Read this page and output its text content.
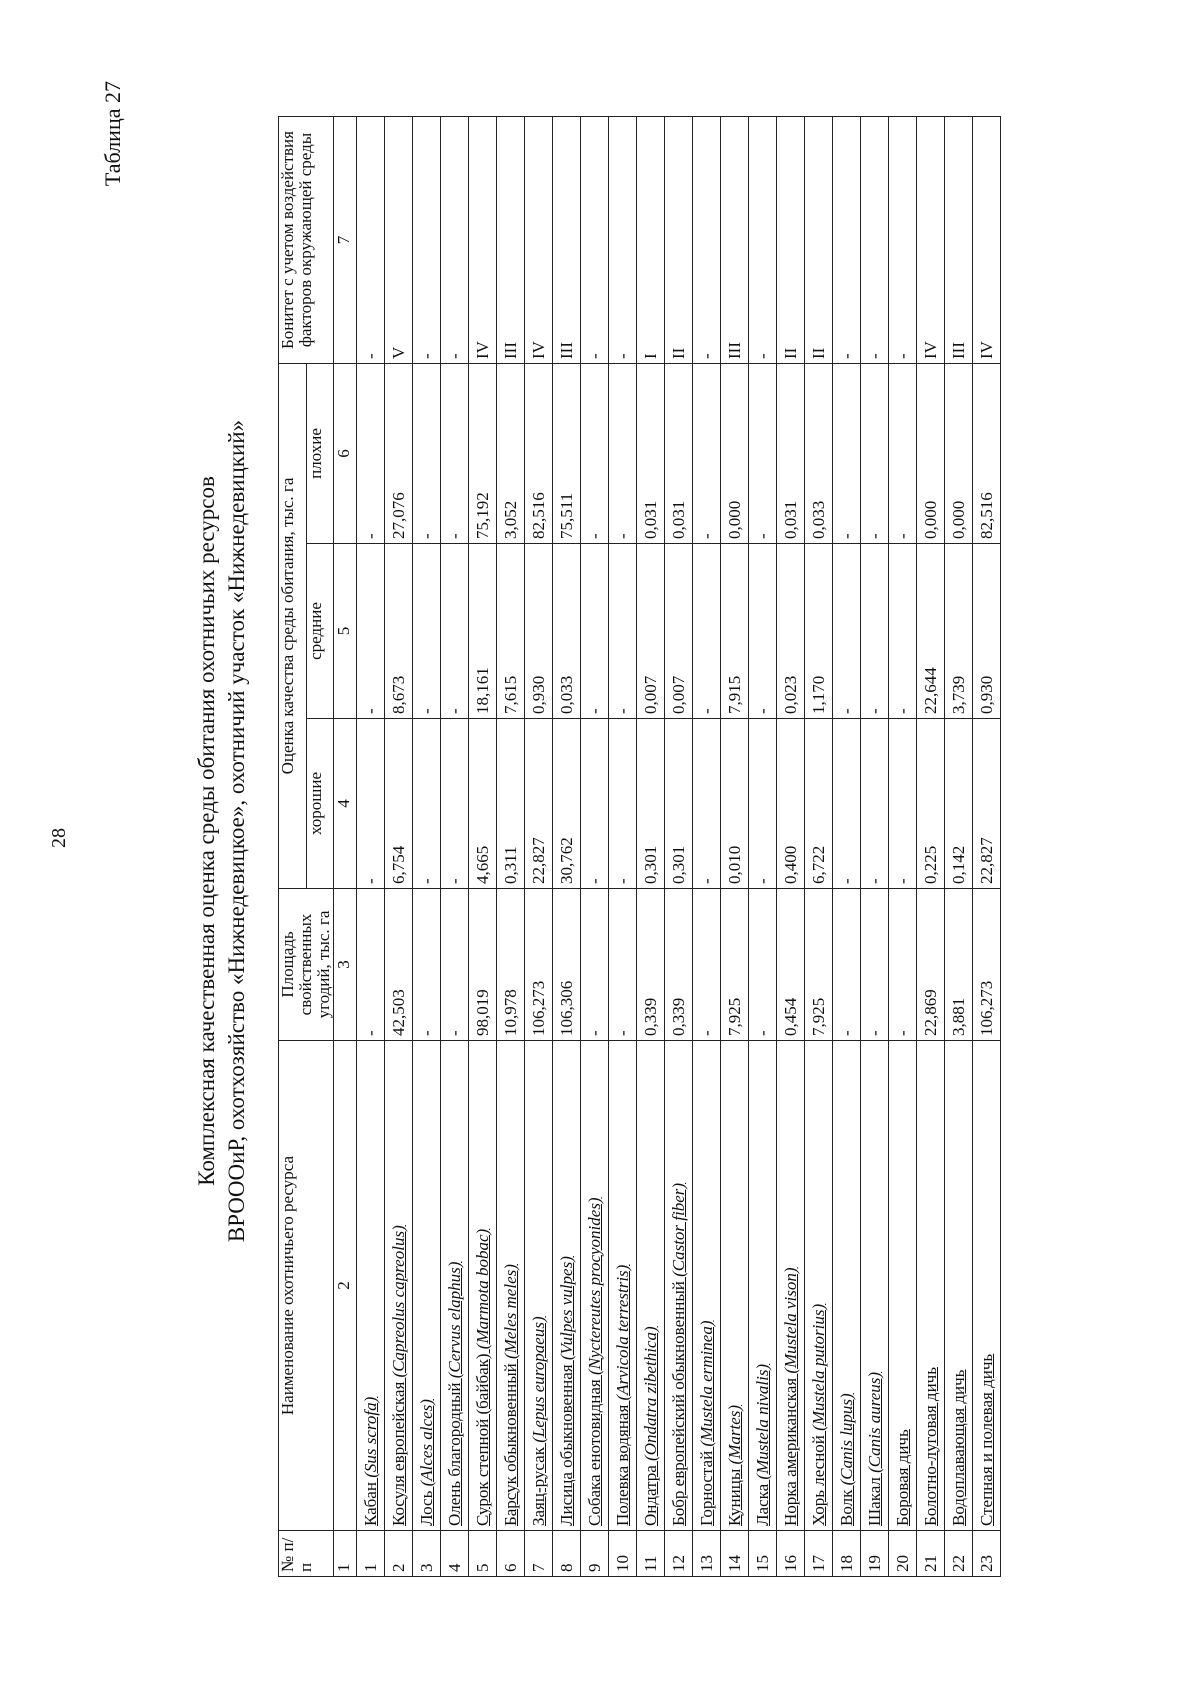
28
Таблица 27
Комплексная качественная оценка среды обитания охотничьих ресурсов ВРОООиР, охотхозяйство «Нижнедевицкое», охотничий участок «Нижнедевицкий»
№ п/п	Наименование охотничьего ресурса	Площадь свойственных угодий, тыс. га	Оценка качества среды обитания, тыс. га			Бонитет с учетом воздействия факторов окружающей среды
			хорошие	средние	плохие	
1	2	3	4	5	6	7
1	Кабан (Sus scrofa)	-	-	-	-	-
2	Косуля европейская (Capreolus capreolus)	42,503	6,754	8,673	27,076	V
3	Лось (Alces alces)	-	-	-	-	-
4	Олень благородный (Cervus elaphus)	-	-	-	-	-
5	Сурок степной (байбак) (Marmota bobac)	98,019	4,665	18,161	75,192	IV
6	Барсук обыкновенный (Meles meles)	10,978	0,311	7,615	3,052	III
7	Заяц-русак (Lepus europaeus)	106,273	22,827	0,930	82,516	IV
8	Лисица обыкновенная (Vulpes vulpes)	106,306	30,762	0,033	75,511	III
9	Собака енотовидная (Nyctereutes procyonides)	-	-	-	-	-
10	Полевка водяная (Arvicola terrestris)	-	-	-	-	-
11	Ондатра (Ondatra zibethica)	0,339	0,301	0,007	0,031	I
12	Бобр европейский обыкновенный (Castor fiber)	0,339	0,301	0,007	0,031	II
13	Горностай (Mustela erminea)	-	-	-	-	-
14	Куницы (Martes)	7,925	0,010	7,915	0,000	III
15	Ласка (Mustela nivalis)	-	-	-	-	-
16	Норка американская (Mustela vison)	0,454	0,400	0,023	0,031	II
17	Хорь лесной (Mustela putorius)	7,925	6,722	1,170	0,033	II
18	Волк (Canis lupus)	-	-	-	-	-
19	Шакал (Canis aureus)	-	-	-	-	-
20	Боровая дичь	-	-	-	-	-
21	Болотно-луговая дичь	22,869	0,225	22,644	0,000	IV
22	Водоплавающая дичь	3,881	0,142	3,739	0,000	III
23	Степная и полевая дичь	106,273	22,827	0,930	82,516	IV
